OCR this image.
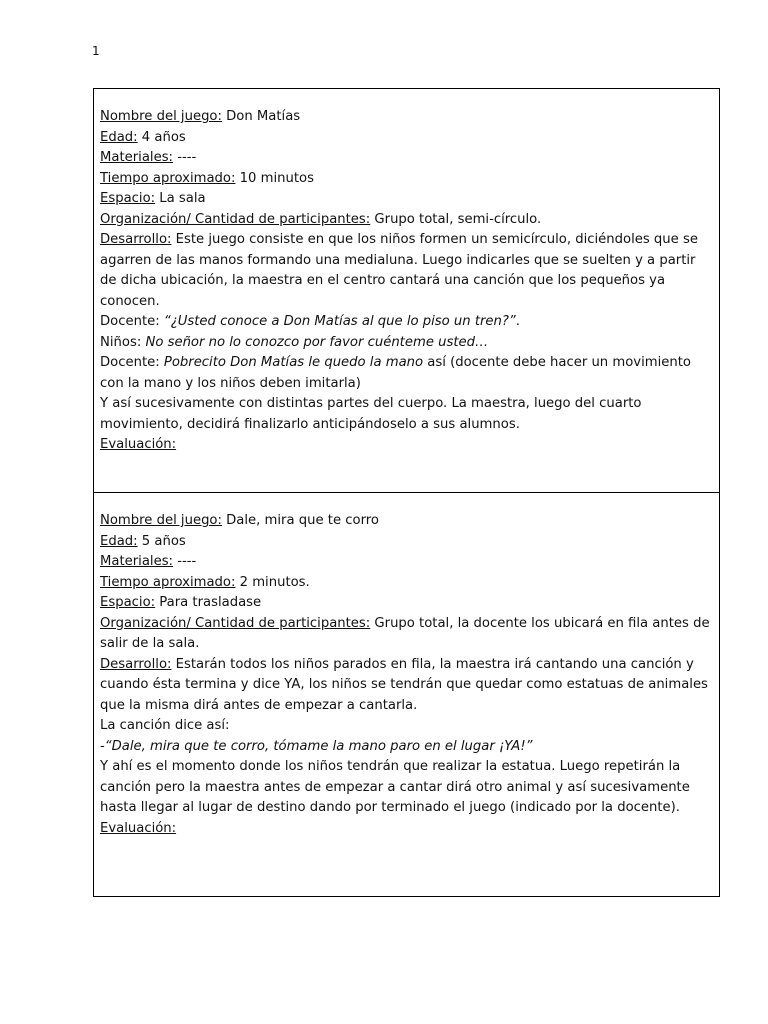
1

Nombre del juego: Don Matías

Edad: 4 años

Materiales: ----

Tiempo aproximado: 10 minutos

Espacio: La sala

Organización/ Cantidad de participantes: Grupo total, semi-círculo.

Desarrollo: Este juego consiste en que los niños formen un semicírculo, diciéndoles que se agarren de las manos formando una medialuna. Luego indicarles que se suelten y a partir de dicha ubicación, la maestra en el centro cantará una canción que los pequeños ya conocen.

Docente: “¿Usted conoce a Don Matías al que lo piso un tren?”.

Niños: No señor no lo conozco por favor cuénteme usted…

Docente: Pobrecito Don Matías le quedo la mano así (docente debe hacer un movimiento con la mano y los niños deben imitarla)

Y así sucesivamente con distintas partes del cuerpo. La maestra, luego del cuarto movimiento, decidirá finalizarlo anticipándoselo a sus alumnos.

Evaluación:

Nombre del juego: Dale, mira que te corro

Edad: 5 años

Materiales: ----

Tiempo aproximado: 2 minutos.

Espacio: Para trasladase

Organización/ Cantidad de participantes: Grupo total, la docente los ubicará en fila antes de salir de la sala.

Desarrollo: Estarán todos los niños parados en fila, la maestra irá cantando una canción y cuando ésta termina y dice YA, los niños se tendrán que quedar como estatuas de animales que la misma dirá antes de empezar a cantarla.

La canción dice así:

-“Dale, mira que te corro, tómame la mano paro en el lugar ¡YA!”

Y ahí es el momento donde los niños tendrán que realizar la estatua. Luego repetirán la canción pero la maestra antes de empezar a cantar dirá otro animal y así sucesivamente hasta llegar al lugar de destino dando por terminado el juego (indicado por la docente).

Evaluación:
